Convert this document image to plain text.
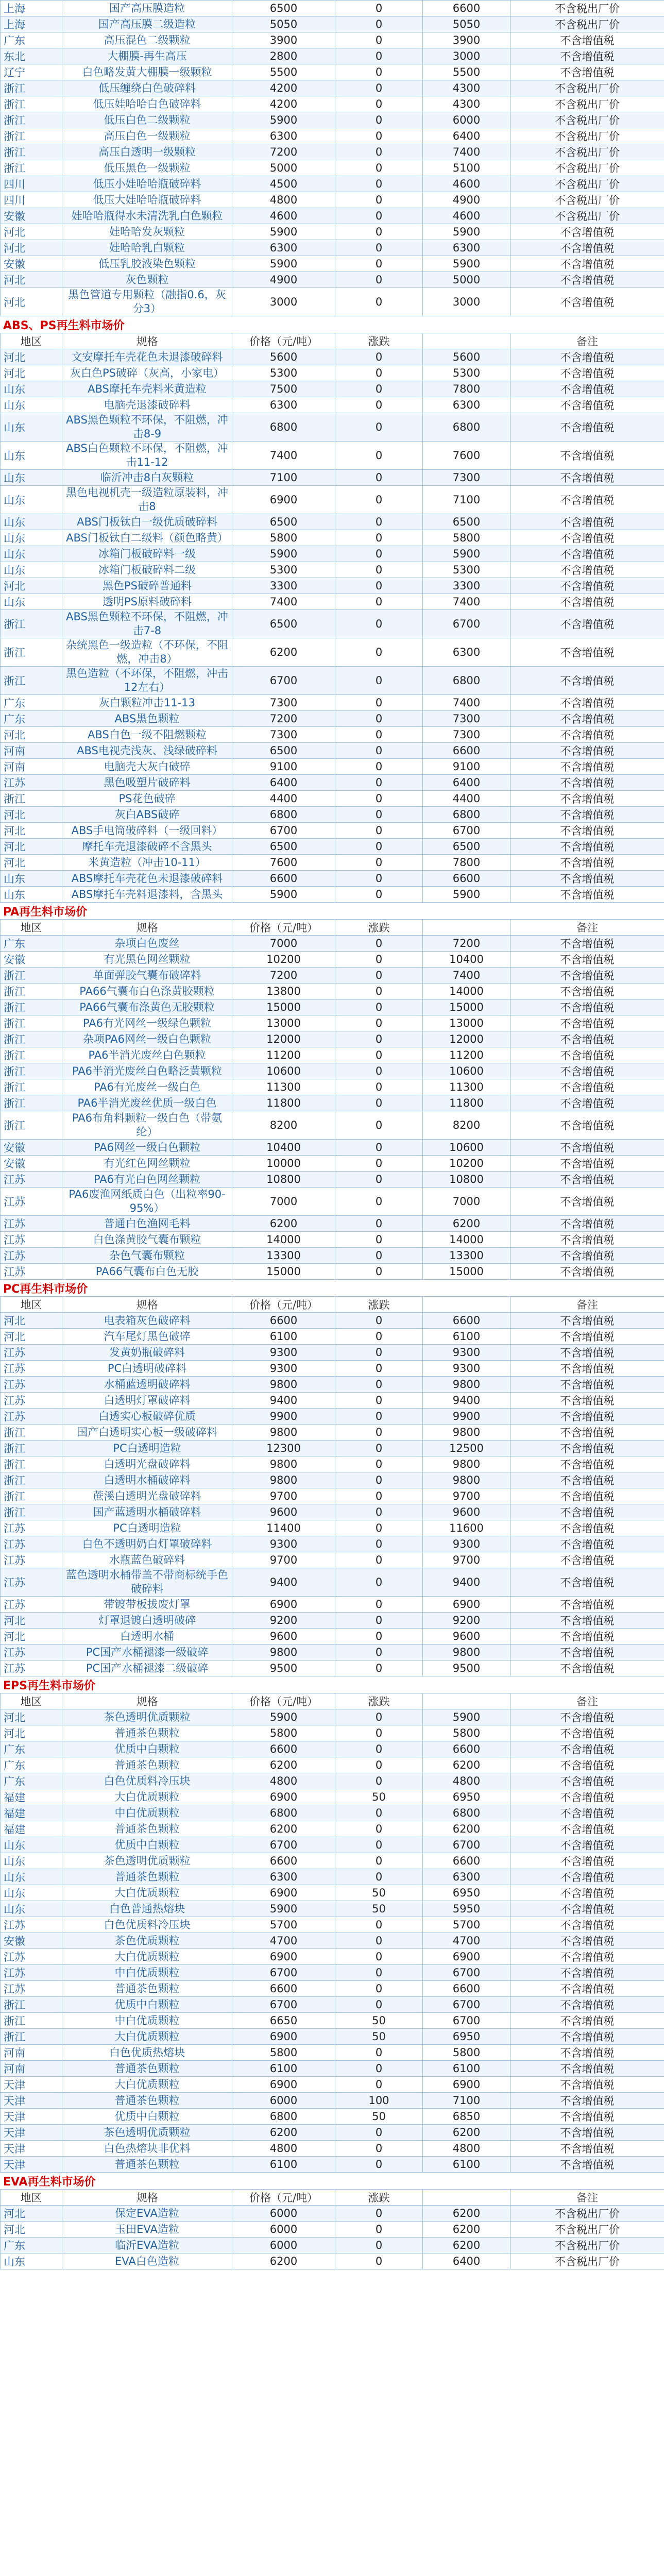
上海	国产高压膜造粒	6500	0	6600	不含税出厂价
上海	国产高压膜二级造粒	5050	0	5050	不含税出厂价
广东	高压混色二级颗粒	3900	0	3900	不含增值税
东北	大棚膜-再生高压	2800	0	3000	不含增值税
辽宁	白色略发黄大棚膜一级颗粒	5500	0	5500	不含增值税
浙江	低压缠绕白色破碎料	4200	0	4300	不含税出厂价
浙江	低压娃哈哈白色破碎料	4200	0	4300	不含税出厂价
浙江	低压白色二级颗粒	5900	0	6000	不含税出厂价
浙江	高压白色一级颗粒	6300	0	6400	不含税出厂价
浙江	高压白透明一级颗粒	7200	0	7400	不含税出厂价
浙江	低压黑色一级颗粒	5000	0	5100	不含税出厂价
四川	低压小娃哈哈瓶破碎料	4500	0	4600	不含税出厂价
四川	低压大娃哈哈瓶破碎料	4800	0	4900	不含税出厂价
安徽	娃哈哈瓶得水未清洗乳白色颗粒	4600	0	4600	不含税出厂价
河北	娃哈哈发灰颗粒	5900	0	5900	不含增值税
河北	娃哈哈乳白颗粒	6300	0	6300	不含增值税
安徽	低压乳胶液染色颗粒	5900	0	5900	不含增值税
河北	灰色颗粒	4900	0	5000	不含增值税
河北	黑色管道专用颗粒（融指0.6，灰分3）	3000	0	3000	不含增值税
ABS、PS再生料市场价
地区	规格	价格（元/吨）	涨跌		备注
河北	文安摩托车壳花色未退漆破碎料	5600	0	5600	不含增值税
河北	灰白色PS破碎（灰高，小家电）	5300	0	5300	不含增值税
山东	ABS摩托车壳料米黄造粒	7500	0	7800	不含增值税
山东	电脑壳退漆破碎料	6300	0	6300	不含增值税
山东	ABS黑色颗粒不环保，不阻燃，冲击8-9	6800	0	6800	不含增值税
山东	ABS白色颗粒不环保，不阻燃，冲击11-12	7400	0	7600	不含增值税
山东	临沂冲击8白灰颗粒	7100	0	7300	不含增值税
山东	黑色电视机壳一级造粒原装料，冲击8	6900	0	7100	不含增值税
山东	ABS门板钛白一级优质破碎料	6500	0	6500	不含增值税
山东	ABS门板钛白二级料（颜色略黄）	5800	0	5800	不含增值税
山东	冰箱门板破碎料一级	5900	0	5900	不含增值税
山东	冰箱门板破碎料二级	5300	0	5300	不含增值税
河北	黑色PS破碎普通料	3300	0	3300	不含增值税
山东	透明PS原料破碎料	7400	0	7400	不含增值税
浙江	ABS黑色颗粒不环保，不阻燃，冲击7-8	6500	0	6700	不含增值税
浙江	杂统黑色一级造粒（不环保，不阻燃，冲击8）	6200	0	6300	不含增值税
浙江	黑色造粒（不环保，不阻燃，冲击12左右）	6700	0	6800	不含增值税
广东	灰白颗粒冲击11-13	7300	0	7400	不含增值税
广东	ABS黑色颗粒	7200	0	7300	不含增值税
河北	ABS白色一级不阻燃颗粒	7300	0	7300	不含增值税
河南	ABS电视壳浅灰、浅绿破碎料	6500	0	6600	不含增值税
河南	电脑壳大灰白破碎	9100	0	9100	不含增值税
江苏	黑色吸塑片破碎料	6400	0	6400	不含增值税
浙江	PS花色破碎	4400	0	4400	不含增值税
河北	灰白ABS破碎	6800	0	6800	不含增值税
河北	ABS手电筒破碎料（一级回料）	6700	0	6700	不含增值税
河北	摩托车壳退漆破碎不含黑头	6500	0	6500	不含增值税
河北	米黄造粒（冲击10-11）	7600	0	7800	不含增值税
山东	ABS摩托车壳花色未退漆破碎料	6600	0	6600	不含增值税
山东	ABS摩托车壳料退漆料，含黑头	5900	0	5900	不含增值税
PA再生料市场价
地区	规格	价格（元/吨）	涨跌		备注
广东	杂项白色废丝	7000	0	7200	不含增值税
安徽	有光黑色网丝颗粒	10200	0	10400	不含增值税
浙江	单面弹胶气囊布破碎料	7200	0	7400	不含增值税
浙江	PA66气囊布白色涤黄胶颗粒	13800	0	14000	不含增值税
浙江	PA66气囊布涤黄色无胶颗粒	15000	0	15000	不含增值税
浙江	PA6有光网丝一级绿色颗粒	13000	0	13000	不含增值税
浙江	杂项PA6网丝一级白色颗粒	12000	0	12000	不含增值税
浙江	PA6半消光废丝白色颗粒	11200	0	11200	不含增值税
浙江	PA6半消光废丝白色略泛黄颗粒	10600	0	10600	不含增值税
浙江	PA6有光废丝一级白色	11300	0	11300	不含增值税
浙江	PA6半消光废丝优质一级白色	11800	0	11800	不含增值税
浙江	PA6布角料颗粒一级白色（带氨纶）	8200	0	8200	不含增值税
安徽	PA6网丝一级白色颗粒	10400	0	10600	不含增值税
安徽	有光红色网丝颗粒	10000	0	10200	不含增值税
江苏	PA6有光白色网丝颗粒	10800	0	10800	不含增值税
江苏	PA6废渔网纸质白色（出粒率90-95%）	7000	0	7000	不含增值税
江苏	普通白色渔网毛料	6200	0	6200	不含增值税
江苏	白色涤黄胶气囊布颗粒	14000	0	14000	不含增值税
江苏	杂色气囊布颗粒	13300	0	13300	不含增值税
江苏	PA66气囊布白色无胶	15000	0	15000	不含增值税
PC再生料市场价
地区	规格	价格（元/吨）	涨跌		备注
河北	电表箱灰色破碎料	6600	0	6600	不含增值税
河北	汽车尾灯黑色破碎	6100	0	6100	不含增值税
江苏	发黄奶瓶破碎料	9300	0	9300	不含增值税
江苏	PC白透明破碎料	9300	0	9300	不含增值税
江苏	水桶蓝透明破碎料	9800	0	9800	不含增值税
江苏	白透明灯罩破碎料	9400	0	9400	不含增值税
江苏	白透实心板破碎优质	9900	0	9900	不含增值税
浙江	国产白透明实心板一级破碎料	9800	0	9800	不含增值税
浙江	PC白透明造粒	12300	0	12500	不含增值税
浙江	白透明光盘破碎料	9800	0	9800	不含增值税
浙江	白透明水桶破碎料	9800	0	9800	不含增值税
浙江	蔗溪白透明光盘破碎料	9700	0	9700	不含增值税
浙江	国产蓝透明水桶破碎料	9600	0	9600	不含增值税
江苏	PC白透明造粒	11400	0	11600	不含增值税
江苏	白色不透明奶白灯罩破碎料	9300	0	9300	不含增值税
江苏	水瓶蓝色破碎料	9700	0	9700	不含增值税
江苏	蓝色透明水桶带盖不带商标统手色破碎料	9400	0	9400	不含增值税
江苏	带镀带板拔废灯罩	6900	0	6900	不含增值税
河北	灯罩退镀白透明破碎	9200	0	9200	不含增值税
河北	白透明水桶	9600	0	9600	不含增值税
江苏	PC国产水桶褪漆一级破碎	9800	0	9800	不含增值税
江苏	PC国产水桶褪漆二级破碎	9500	0	9500	不含增值税
EPS再生料市场价
地区	规格	价格（元/吨）	涨跌		备注
河北	茶色透明优质颗粒	5900	0	5900	不含增值税
河北	普通茶色颗粒	5800	0	5800	不含增值税
广东	优质中白颗粒	6600	0	6600	不含增值税
广东	普通茶色颗粒	6200	0	6200	不含增值税
广东	白色优质料冷压块	4800	0	4800	不含增值税
福建	大白优质颗粒	6900	50	6950	不含增值税
福建	中白优质颗粒	6800	0	6800	不含增值税
福建	普通茶色颗粒	6200	0	6200	不含增值税
山东	优质中白颗粒	6700	0	6700	不含增值税
山东	茶色透明优质颗粒	6600	0	6600	不含增值税
山东	普通茶色颗粒	6300	0	6300	不含增值税
山东	大白优质颗粒	6900	50	6950	不含增值税
山东	白色普通热熔块	5900	50	5950	不含增值税
江苏	白色优质料冷压块	5700	0	5700	不含增值税
安徽	茶色优质颗粒	4700	0	4700	不含增值税
江苏	大白优质颗粒	6900	0	6900	不含增值税
江苏	中白优质颗粒	6700	0	6700	不含增值税
江苏	普通茶色颗粒	6600	0	6600	不含增值税
浙江	优质中白颗粒	6700	0	6700	不含增值税
浙江	中白优质颗粒	6650	50	6700	不含增值税
浙江	大白优质颗粒	6900	50	6950	不含增值税
河南	白色优质热熔块	5800	0	5800	不含增值税
河南	普通茶色颗粒	6100	0	6100	不含增值税
天津	大白优质颗粒	6900	0	6900	不含增值税
天津	普通茶色颗粒	6000	100	7100	不含增值税
天津	优质中白颗粒	6800	50	6850	不含增值税
天津	茶色透明优质颗粒	6200	0	6200	不含增值税
天津	白色热熔块非优料	4800	0	4800	不含增值税
天津	普通茶色颗粒	6100	0	6100	不含增值税
EVA再生料市场价
地区	规格	价格（元/吨）	涨跌		备注
河北	保定EVA造粒	6000	0	6200	不含税出厂价
河北	玉田EVA造粒	6000	0	6200	不含税出厂价
广东	临沂EVA造粒	6000	0	6200	不含税出厂价
山东	EVA白色造粒	6200	0	6400	不含税出厂价
